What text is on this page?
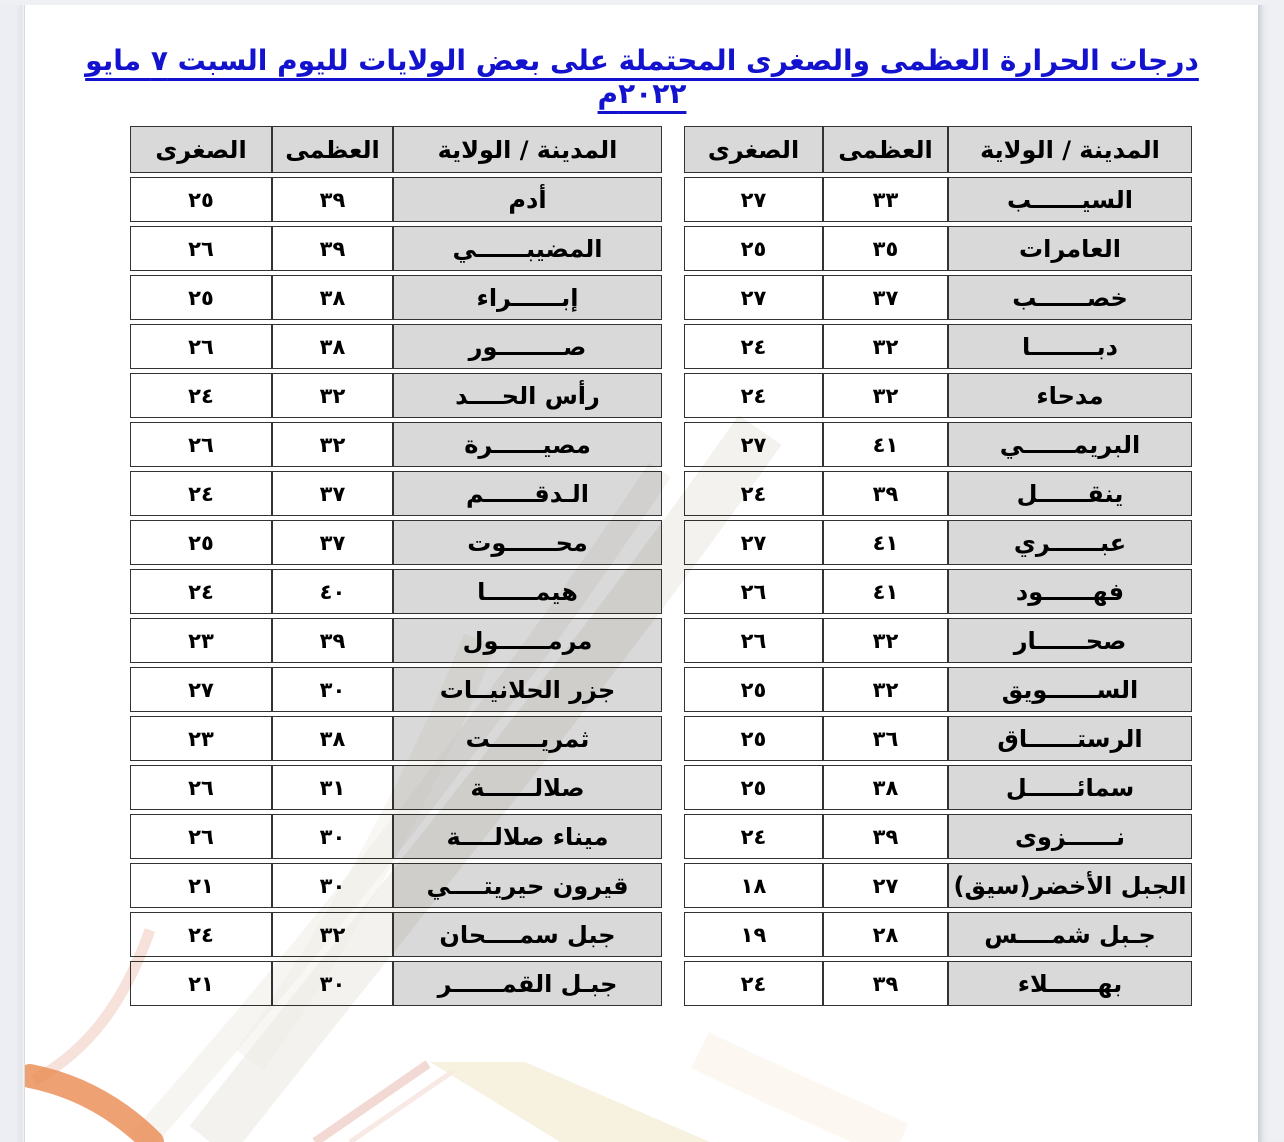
درجات الحرارة العظمى والصغرى المحتملة على بعض الولايات لليوم السبت ٧ مايو ٢٠٢٢م
المدينة / الولاية	العظمى	الصغرى
السيــــــب	٣٣	٢٧
العامرات	٣٥	٢٥
خصــــــب	٣٧	٢٧
دبــــــــا	٣٢	٢٤
مدحاء	٣٢	٢٤
البريمــــــي	٤١	٢٧
ينقــــــل	٣٩	٢٤
عبــــــري	٤١	٢٧
فهــــــود	٤١	٢٦
صحــــــار	٣٢	٢٦
الســــــويق	٣٢	٢٥
الرستــــــاق	٣٦	٢٥
سمائــــــل	٣٨	٢٥
نــــــزوى	٣٩	٢٤
الجبل الأخضر(سيق)	٢٧	١٨
جـبل شمــــس	٢٨	١٩
بهــــــلاء	٣٩	٢٤
المدينة / الولاية	العظمى	الصغرى
أدم	٣٩	٢٥
المضيبــــــي	٣٩	٢٦
إبــــــراء	٣٨	٢٥
صــــــــور	٣٨	٢٦
رأس الحــــد	٣٢	٢٤
مصيــــــرة	٣٢	٢٦
الـدقــــــم	٣٧	٢٤
محــــــوت	٣٧	٢٥
هيمــــــا	٤٠	٢٤
مرمــــــول	٣٩	٢٣
جزر الحلانيــات	٣٠	٢٧
ثمريــــــت	٣٨	٢٣
صلالــــــة	٣١	٢٦
ميناء صلالــــة	٣٠	٢٦
قيرون حيريتــــي	٣٠	٢١
جبل سمــــحان	٣٢	٢٤
جبـل القمــــــر	٣٠	٢١
